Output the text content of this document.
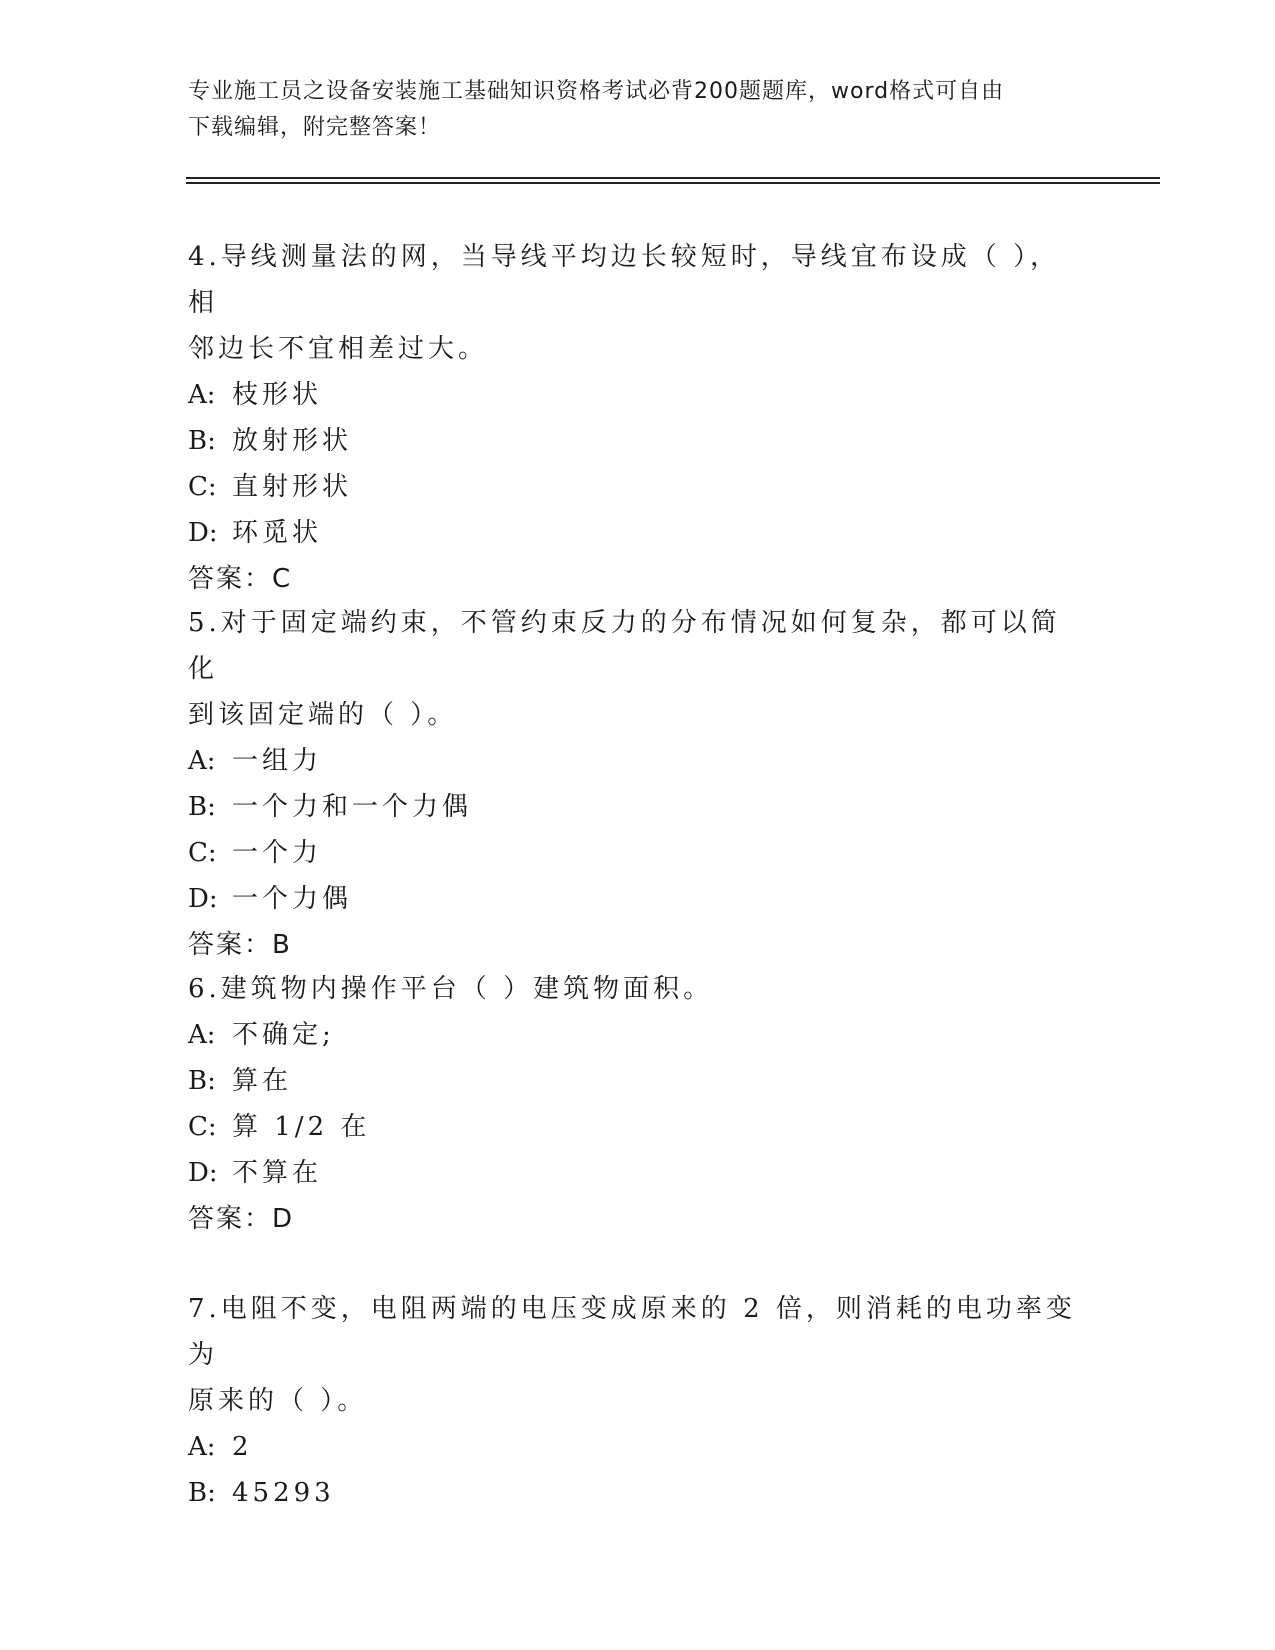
专业施工员之设备安装施工基础知识资格考试必背200题题库，word格式可自由
下载编辑，附完整答案！

4.导线测量法的网，当导线平均边长较短时，导线宜布设成（ ），相

邻边长不宜相差过大。

A: 枝形状

B: 放射形状

C: 直射形状

D: 环觅状

答案：C

5.对于固定端约束，不管约束反力的分布情况如何复杂，都可以简化

到该固定端的（ ）。

A: 一组力

B: 一个力和一个力偶

C: 一个力

D: 一个力偶

答案：B

6.建筑物内操作平台（ ）建筑物面积。

A: 不确定;

B: 算在

C: 算 1/2 在

D: 不算在

答案：D

7.电阻不变，电阻两端的电压变成原来的 2 倍，则消耗的电功率变为

原来的（ ）。

A: 2

B: 45293
